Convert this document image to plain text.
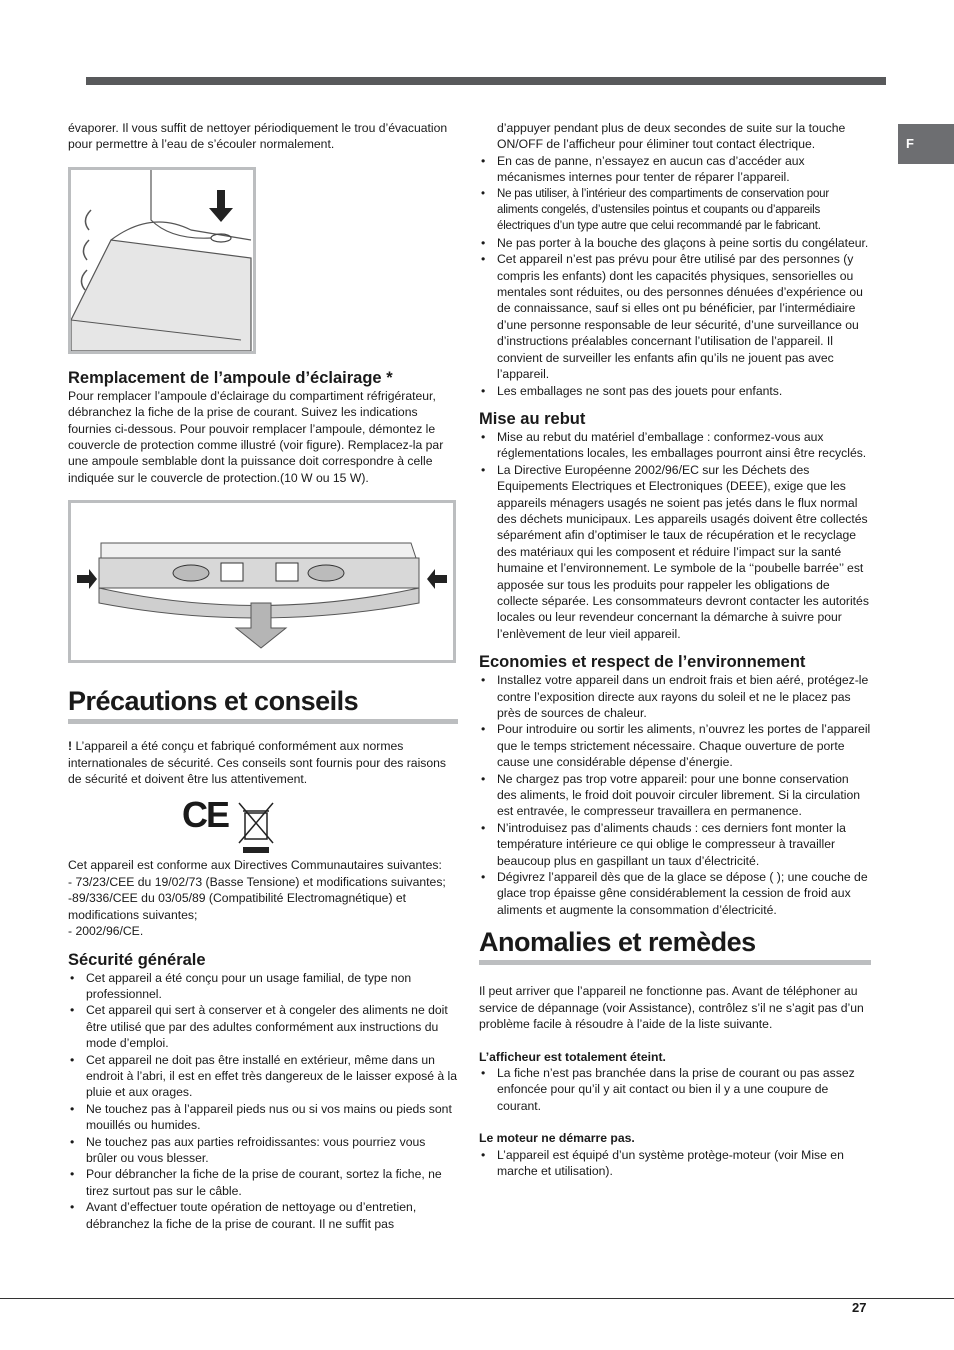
F

évaporer. Il vous suffit de nettoyer périodiquement le trou d’évacuation pour permettre à l’eau de s’écouler normalement.

Remplacement de l’ampoule d’éclairage *

Pour remplacer l’ampoule d’éclairage du compartiment réfrigérateur, débranchez la fiche de la prise de courant. Suivez les indications fournies ci-dessous. Pour pouvoir remplacer l’ampoule, démontez le couvercle de protection comme illustré (voir figure). Remplacez-la par une ampoule semblable dont la puissance doit correspondre à celle indiquée sur le couvercle de protection.(10 W ou 15 W).

Précautions et conseils

! L’appareil a été conçu et fabriqué conformément aux normes internationales de sécurité. Ces conseils sont fournis pour des raisons de sécurité et doivent être lus attentivement.

CE

Cet appareil est conforme aux Directives Communautaires suivantes:

- 73/23/CEE du 19/02/73 (Basse Tensione) et modifications suivantes;

-89/336/CEE du 03/05/89 (Compatibilité Electromagnétique) et modifications suivantes;

- 2002/96/CE.

Sécurité générale

• Cet appareil a été conçu pour un usage familial, de type non professionnel.
• Cet appareil qui sert à conserver et à congeler des aliments ne doit être utilisé que par des adultes conformément aux instructions du mode d’emploi.
• Cet appareil ne doit pas être installé en extérieur, même dans un endroit à l’abri, il est en effet très dangereux de le laisser exposé à la pluie et aux orages.
• Ne touchez pas à l’appareil pieds nus ou si vos mains ou pieds sont mouillés ou humides.
• Ne touchez pas aux parties refroidissantes: vous pourriez vous brûler ou vous blesser.
• Pour débrancher la fiche de la prise de courant, sortez la fiche, ne tirez surtout pas sur le câble.
• Avant d’effectuer toute opération de nettoyage ou d’entretien, débranchez la fiche de la prise de courant. Il ne suffit pas

d’appuyer pendant plus de deux secondes de suite sur la touche ON/OFF de l’afficheur pour éliminer tout contact électrique.

• En cas de panne, n’essayez en aucun cas d’accéder aux mécanismes internes pour tenter de réparer l’appareil.
• Ne pas utiliser, à l’intérieur des compartiments de conservation pour aliments congelés, d’ustensiles pointus et coupants ou d’appareils électriques d’un type autre que celui recommandé par le fabricant.
• Ne pas porter à la bouche des glaçons à peine sortis du congélateur.
• Cet appareil n’est pas prévu pour être utilisé par des personnes (y compris les enfants) dont les capacités physiques, sensorielles ou mentales sont réduites, ou des personnes dénuées d’expérience ou de connaissance, sauf si elles ont pu bénéficier, par l’intermédiaire d’une personne responsable de leur sécurité, d’une surveillance ou d’instructions préalables concernant l’utilisation de l’appareil. Il convient de surveiller les enfants afin qu’ils ne jouent pas avec l’appareil.
• Les emballages ne sont pas des jouets pour enfants.

Mise au rebut

• Mise au rebut du matériel d’emballage : conformez-vous aux réglementations locales, les emballages pourront ainsi être recyclés.
• La Directive Européenne 2002/96/EC sur les Déchets des Equipements Electriques et Electroniques (DEEE), exige que les appareils ménagers usagés ne soient pas jetés dans le flux normal des déchets municipaux. Les appareils usagés doivent être collectés séparément afin d’optimiser le taux de récupération et le recyclage des matériaux qui les composent et réduire l’impact sur la santé humaine et l’environnement. Le symbole de la ‘‘poubelle barrée’’ est apposée sur tous les produits pour rappeler les obligations de collecte séparée. Les consommateurs devront contacter les autorités locales ou leur revendeur concernant la démarche à suivre pour l’enlèvement de leur vieil appareil.

Economies et respect de l’environnement

• Installez votre appareil dans un endroit frais et bien aéré, protégez-le contre l’exposition directe aux rayons du soleil et ne le placez pas près de sources de chaleur.
• Pour introduire ou sortir les aliments, n’ouvrez les portes de l’appareil que le temps strictement nécessaire. Chaque ouverture de porte cause une considérable dépense d’énergie.
• Ne chargez pas trop votre appareil: pour une bonne conservation des aliments, le froid doit pouvoir circuler librement. Si la circulation est entravée, le compresseur travaillera en permanence.
• N’introduisez pas d’aliments chauds : ces derniers font monter la température intérieure ce qui oblige le compresseur à travailler beaucoup plus en gaspillant un taux d’électricité.
• Dégivrez l’appareil dès que de la glace se dépose ( ); une couche de glace trop épaisse gêne considérablement la cession de froid aux aliments et augmente la consommation d’électricité.

Anomalies et remèdes

Il peut arriver que l’appareil ne fonctionne pas. Avant de téléphoner au service de dépannage (voir Assistance), contrôlez s’il ne s’agit pas d’un problème facile à résoudre à l’aide de la liste suivante.

L’afficheur est totalement éteint.

• La fiche n’est pas branchée dans la prise de courant ou pas assez enfoncée pour qu’il y ait contact ou bien il y a une coupure de courant.

Le moteur ne démarre pas.

• L’appareil est équipé d’un système protège-moteur (voir Mise en marche et utilisation).
27
